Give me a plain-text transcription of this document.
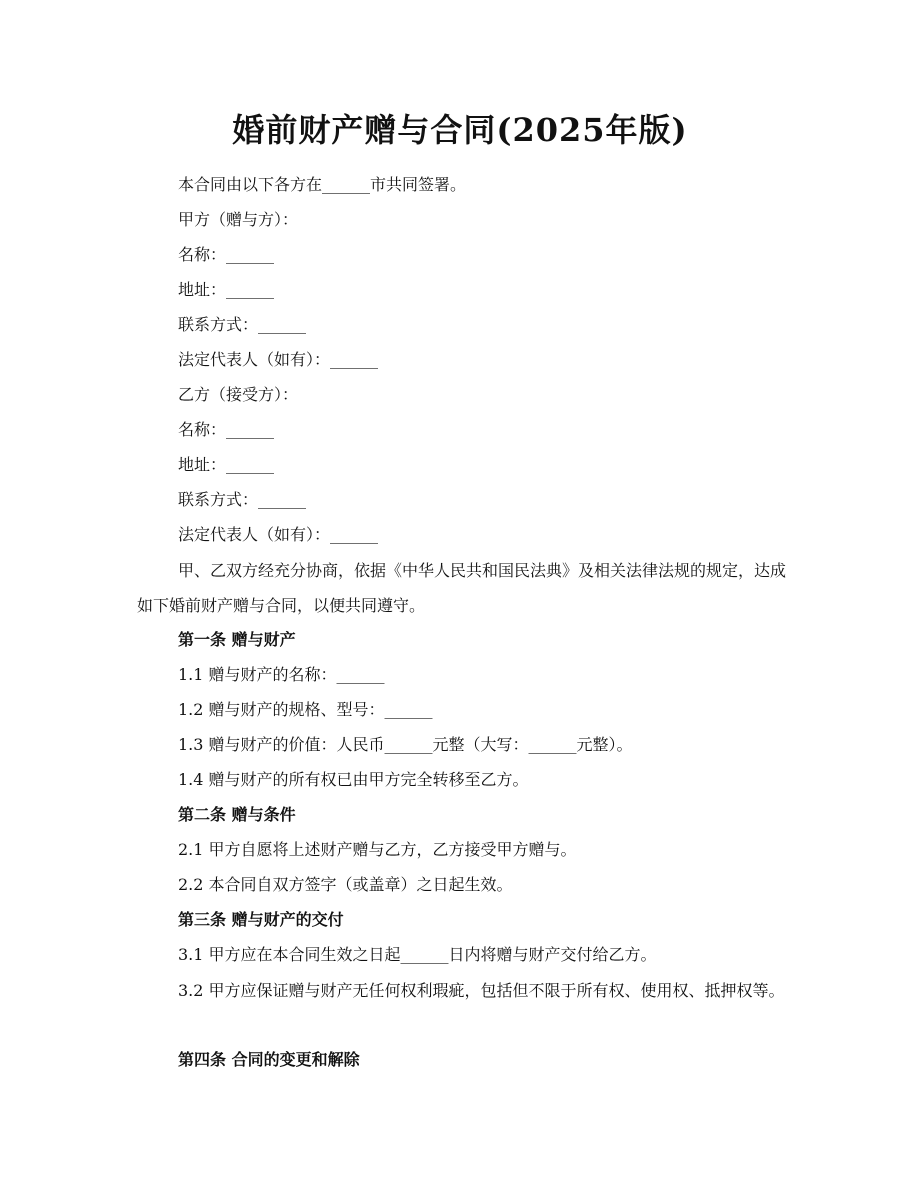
婚前财产赠与合同(2025年版)
本合同由以下各方在______市共同签署。
甲方（赠与方）：
名称：______
地址：______
联系方式：______
法定代表人（如有）：______
乙方（接受方）：
名称：______
地址：______
联系方式：______
法定代表人（如有）：______
甲、乙双方经充分协商，依据《中华人民共和国民法典》及相关法律法规的规定，达成如下婚前财产赠与合同，以便共同遵守。
第一条 赠与财产
1.1 赠与财产的名称：______
1.2 赠与财产的规格、型号：______
1.3 赠与财产的价值：人民币______元整（大写：______元整）。
1.4 赠与财产的所有权已由甲方完全转移至乙方。
第二条 赠与条件
2.1 甲方自愿将上述财产赠与乙方，乙方接受甲方赠与。
2.2 本合同自双方签字（或盖章）之日起生效。
第三条 赠与财产的交付
3.1 甲方应在本合同生效之日起______日内将赠与财产交付给乙方。
3.2 甲方应保证赠与财产无任何权利瑕疵，包括但不限于所有权、使用权、抵押权等。
第四条 合同的变更和解除
